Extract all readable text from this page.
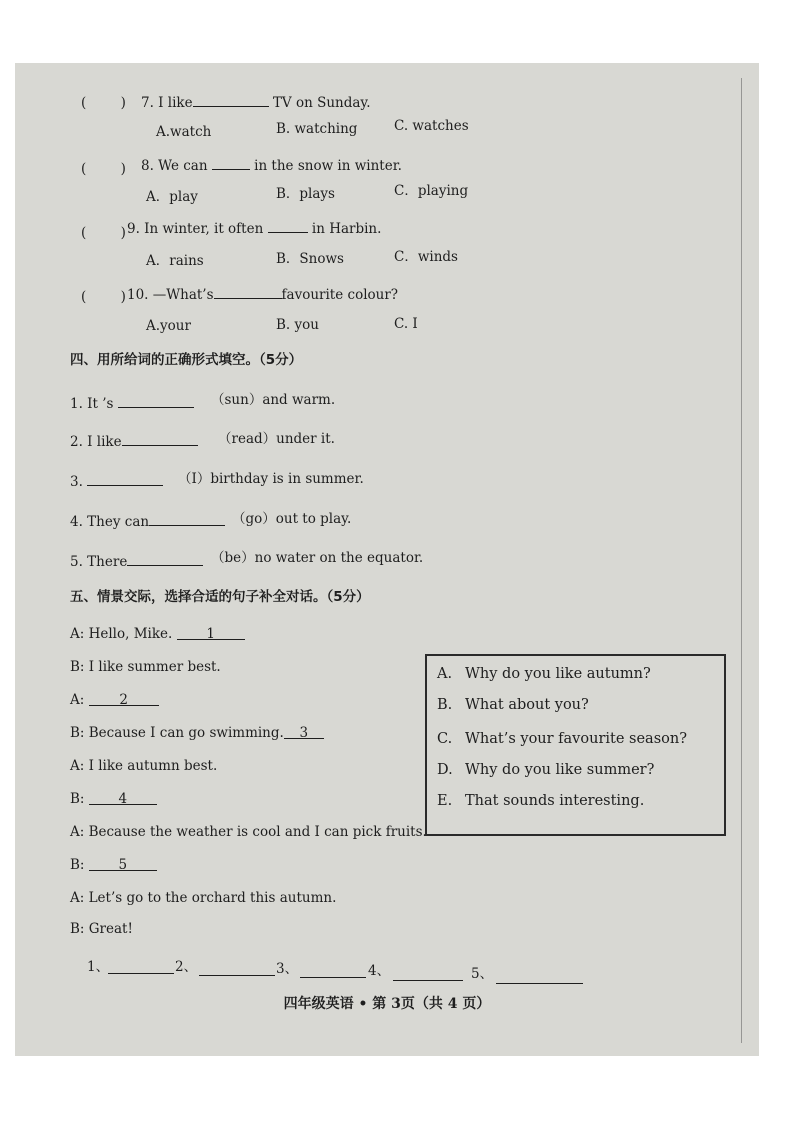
(        ) 7. I like	TV on Sunday.
A.watch	B. watching	C. watches
(        ) 8. We can	in the snow in winter.
A．play	B．plays	C．playing
(        ) 9. In winter, it often	in Harbin.
A．rains	B．Snows	C．winds
(        ) 10. —What’s	favourite colour?
A.your	B. you	C. I
四、用所给词的正确形式填空。（5分）
1. It ’s	（sun）and warm.
2. I like	（read）under it.
3.	（I）birthday is in summer.
4. They can	（go）out to play.
5. There	（be）no water on the equator.
五、情景交际，选择合适的句子补全对话。（5分）
A: Hello, Mike.	1
B: I like summer best.
A:	2
B: Because I can go swimming. 3
A: I like autumn best.
B:	4
A: Because the weather is cool and I can pick fruits.
B:	5
A: Let’s go to the orchard this autumn.
B: Great!
1、	2、	3、	4、	5、
四年级英语 • 第 3页（共 4 页）
A. Why do you like autumn?
B. What about you?
C. What’s your favourite season?
D. Why do you like summer?
E. That sounds interesting.
